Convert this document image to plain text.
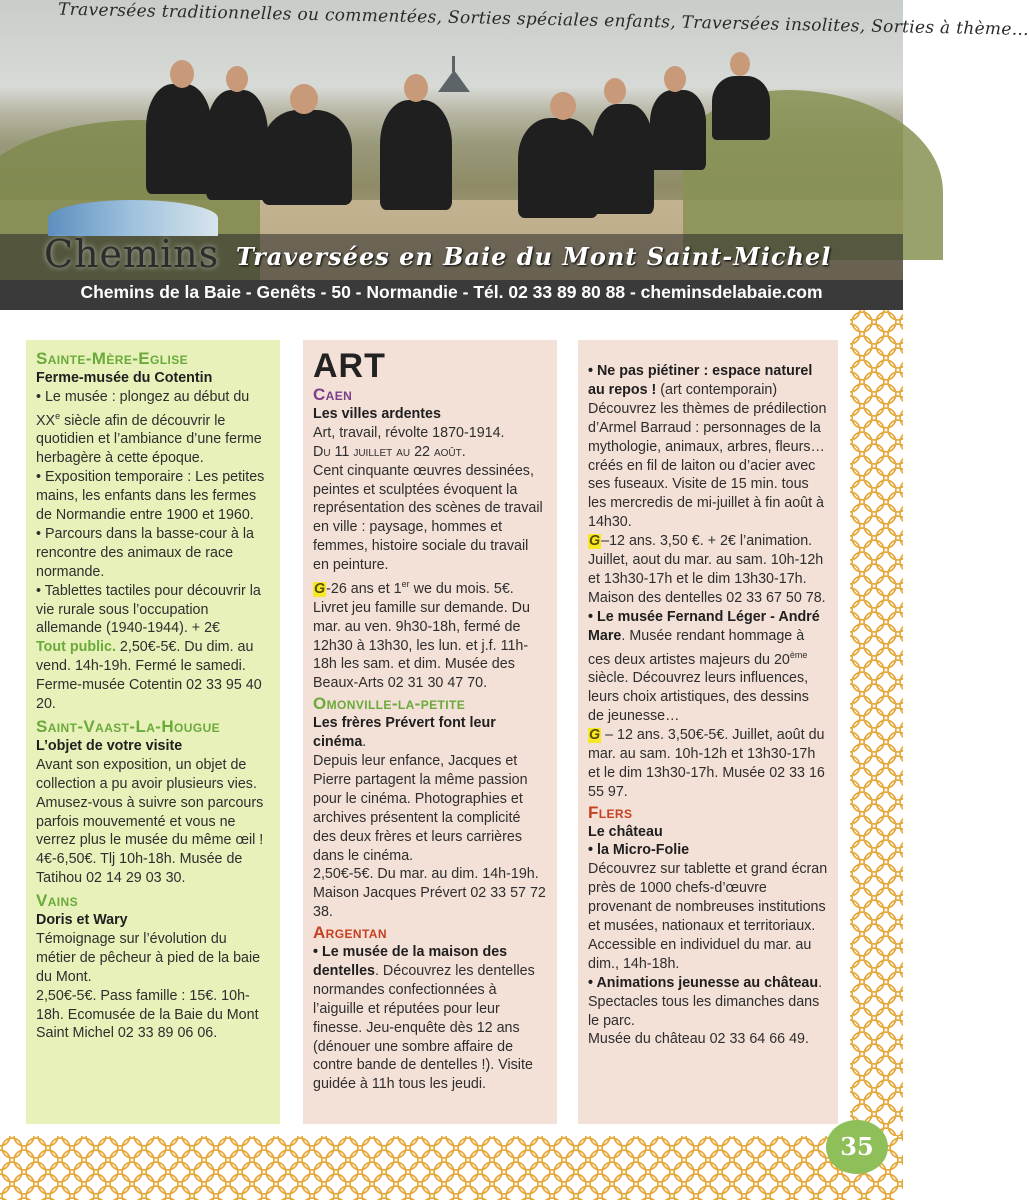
Traversées traditionnelles ou commentées, Sorties spéciales enfants, Traversées insolites, Sorties à thème…
Chemins Traversées en Baie du Mont Saint-Michel
Chemins de la Baie - Genêts - 50 - Normandie - Tél. 02 33 89 80 88 - cheminsdelabaie.com
Sainte-Mère-Eglise
Ferme-musée du Cotentin

• Le musée : plongez au début du XXe siècle afin de découvrir le quotidien et l’ambiance d’une ferme herbagère à cette époque.

• Exposition temporaire : Les petites mains, les enfants dans les fermes de Normandie entre 1900 et 1960.

• Parcours dans la basse-cour à la rencontre des animaux de race normande.

• Tablettes tactiles pour découvrir la vie rurale sous l’occupation allemande (1940-1944). + 2€

Tout public. 2,50€-5€. Du dim. au vend. 14h-19h. Fermé le samedi. Ferme-musée Cotentin 02 33 95 40 20.

Saint-Vaast-La-Hougue
L’objet de votre visite

Avant son exposition, un objet de collection a pu avoir plusieurs vies. Amusez-vous à suivre son parcours parfois mouvementé et vous ne verrez plus le musée du même œil !

4€-6,50€. Tlj 10h-18h. Musée de Tatihou 02 14 29 03 30.

Vains
Doris et Wary

Témoignage sur l’évolution du métier de pêcheur à pied de la baie du Mont.

2,50€-5€. Pass famille : 15€. 10h-18h. Ecomusée de la Baie du Mont Saint Michel 02 33 89 06 06.

ART
Caen
Les villes ardentes

Art, travail, révolte 1870-1914.

Du 11 juillet au 22 août.

Cent cinquante œuvres dessinées, peintes et sculptées évoquent la représentation des scènes de travail en ville : paysage, hommes et femmes, histoire sociale du travail en peinture.

G-26 ans et 1er we du mois. 5€. Livret jeu famille sur demande. Du mar. au ven. 9h30-18h, fermé de 12h30 à 13h30, les lun. et j.f. 11h-18h les sam. et dim. Musée des Beaux-Arts 02 31 30 47 70.

Omonville-la-petite

Les frères Prévert font leur cinéma.

Depuis leur enfance, Jacques et Pierre partagent la même passion pour le cinéma. Photographies et archives présentent la complicité des deux frères et leurs carrières dans le cinéma.

2,50€-5€. Du mar. au dim. 14h-19h. Maison Jacques Prévert 02 33 57 72 38.

Argentan

• Le musée de la maison des dentelles. Découvrez les dentelles normandes confectionnées à l’aiguille et réputées pour leur finesse. Jeu-enquête dès 12 ans (dénouer une sombre affaire de contre bande de dentelles !). Visite guidée à 11h tous les jeudi.

• Ne pas piétiner : espace naturel au repos ! (art contemporain)

Découvrez les thèmes de prédilection d’Armel Barraud : personnages de la mythologie, animaux, arbres, fleurs… créés en fil de laiton ou d’acier avec ses fuseaux. Visite de 15 min. tous les mercredis de mi-juillet à fin août à 14h30.

G–12 ans. 3,50 €. + 2€ l’animation. Juillet, aout du mar. au sam. 10h-12h et 13h30-17h et le dim 13h30-17h. Maison des dentelles 02 33 67 50 78.

• Le musée Fernand Léger - André Mare. Musée rendant hommage à ces deux artistes majeurs du 20ème siècle. Découvrez leurs influences, leurs choix artistiques, des dessins de jeunesse…

G – 12 ans. 3,50€-5€. Juillet, août du mar. au sam. 10h-12h et 13h30-17h et le dim 13h30-17h. Musée 02 33 16 55 97.

Flers
Le château
• la Micro-Folie

Découvrez sur tablette et grand écran près de 1000 chefs-d’œuvre provenant de nombreuses institutions et musées, nationaux et territoriaux. Accessible en individuel du mar. au dim., 14h-18h.

• Animations jeunesse au château.

Spectacles tous les dimanches dans le parc.

Musée du château 02 33 64 66 49.

35
